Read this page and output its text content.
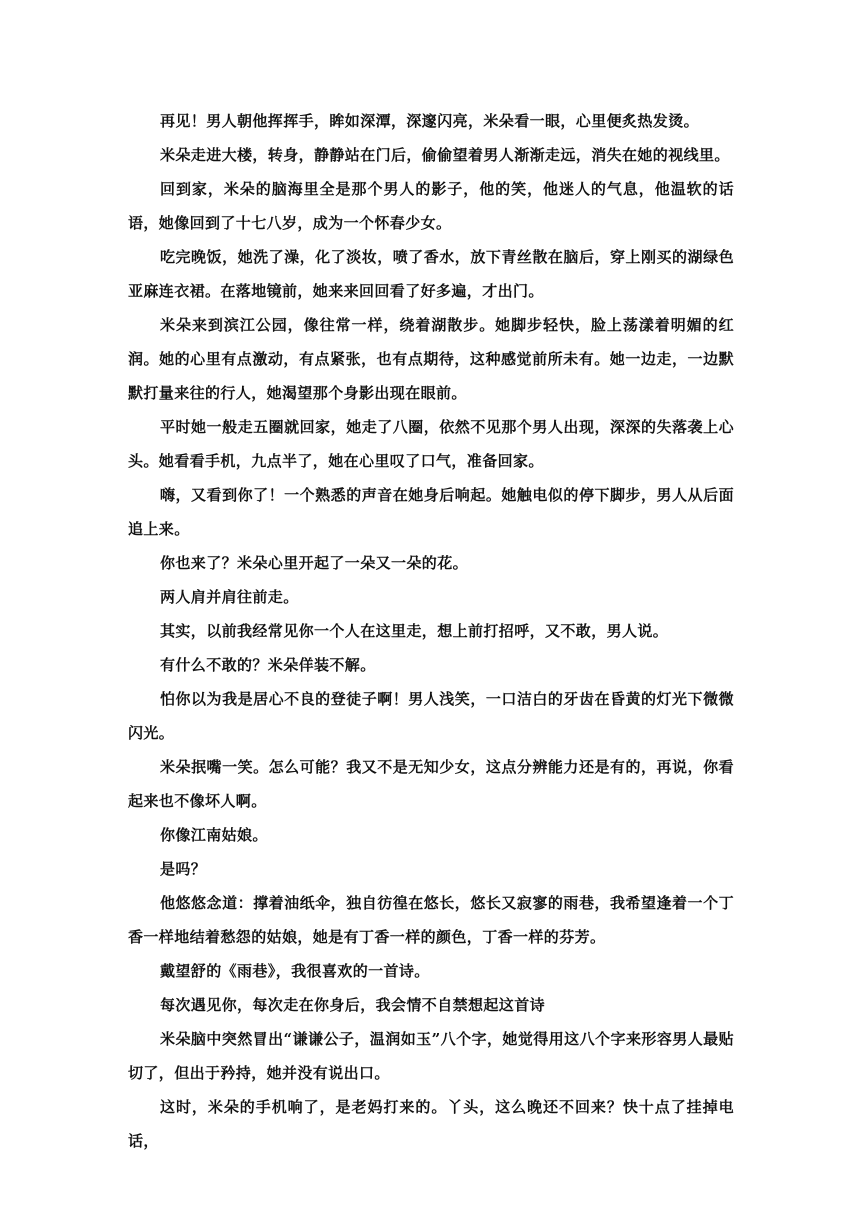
再见！男人朝他挥挥手，眸如深潭，深邃闪亮，米朵看一眼，心里便炙热发烫。

米朵走进大楼，转身，静静站在门后，偷偷望着男人渐渐走远，消失在她的视线里。

回到家，米朵的脑海里全是那个男人的影子，他的笑，他迷人的气息，他温软的话语，她像回到了十七八岁，成为一个怀春少女。

吃完晚饭，她洗了澡，化了淡妆，喷了香水，放下青丝散在脑后，穿上刚买的湖绿色亚麻连衣裙。在落地镜前，她来来回回看了好多遍，才出门。

米朵来到滨江公园，像往常一样，绕着湖散步。她脚步轻快，脸上荡漾着明媚的红润。她的心里有点激动，有点紧张，也有点期待，这种感觉前所未有。她一边走，一边默默打量来往的行人，她渴望那个身影出现在眼前。

平时她一般走五圈就回家，她走了八圈，依然不见那个男人出现，深深的失落袭上心头。她看看手机，九点半了，她在心里叹了口气，准备回家。

嗨，又看到你了！一个熟悉的声音在她身后响起。她触电似的停下脚步，男人从后面追上来。

你也来了？米朵心里开起了一朵又一朵的花。

两人肩并肩往前走。

其实，以前我经常见你一个人在这里走，想上前打招呼，又不敢，男人说。

有什么不敢的？米朵佯装不解。

怕你以为我是居心不良的登徒子啊！男人浅笑，一口洁白的牙齿在昏黄的灯光下微微闪光。

米朵抿嘴一笑。怎么可能？我又不是无知少女，这点分辨能力还是有的，再说，你看起来也不像坏人啊。

你像江南姑娘。

是吗？

他悠悠念道：撑着油纸伞，独自彷徨在悠长，悠长又寂寥的雨巷，我希望逢着一个丁香一样地结着愁怨的姑娘，她是有丁香一样的颜色，丁香一样的芬芳。

戴望舒的《雨巷》，我很喜欢的一首诗。

每次遇见你，每次走在你身后，我会情不自禁想起这首诗

米朵脑中突然冒出“谦谦公子，温润如玉”八个字，她觉得用这八个字来形容男人最贴切了，但出于矜持，她并没有说出口。

这时，米朵的手机响了，是老妈打来的。丫头，这么晚还不回来？快十点了挂掉电话，
